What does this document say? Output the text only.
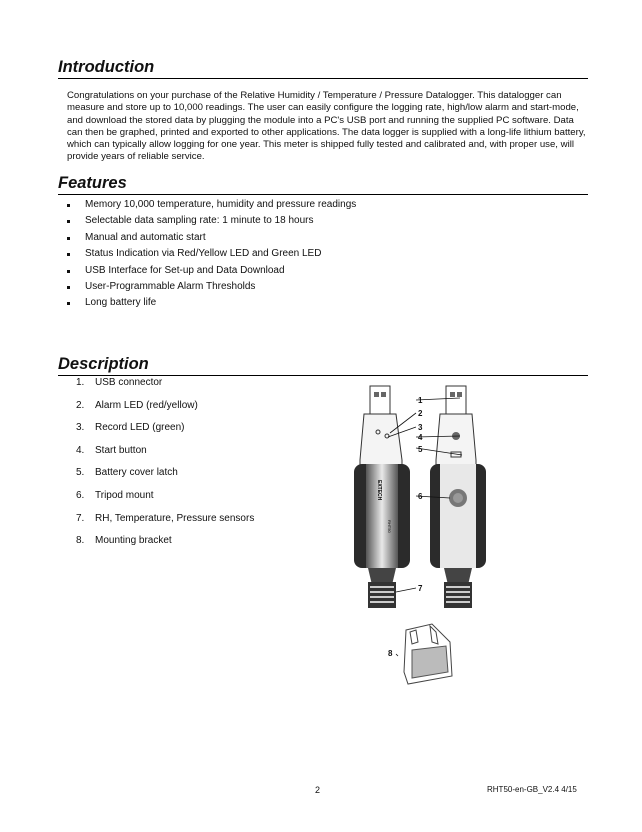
Introduction

Congratulations on your purchase of the Relative Humidity / Temperature / Pressure Datalogger. This datalogger can measure and store up to 10,000 readings. The user can easily configure the logging rate, high/low alarm and start-mode, and download the stored data by plugging the module into a PC's USB port and running the supplied PC software. Data can then be graphed, printed and exported to other applications. The data logger is supplied with a long-life lithium battery, which can typically allow logging for one year. This meter is shipped fully tested and calibrated and, with proper use, will provide years of reliable service.

Features
Memory 10,000 temperature, humidity and pressure readings
Selectable data sampling rate: 1 minute to 18 hours
Manual and automatic start
Status Indication via Red/Yellow LED and Green LED
USB Interface for Set-up and Data Download
User-Programmable Alarm Thresholds
Long battery life
Description
1. USB connector
2. Alarm LED (red/yellow)
3. Record LED (green)
4. Start button
5. Battery cover latch
6. Tripod mount
7. RH, Temperature, Pressure sensors
8. Mounting bracket
EXTECH
RHT50
1
2
3
4
5
6
7
8
2	RHT50-en-GB_V2.4 4/15
